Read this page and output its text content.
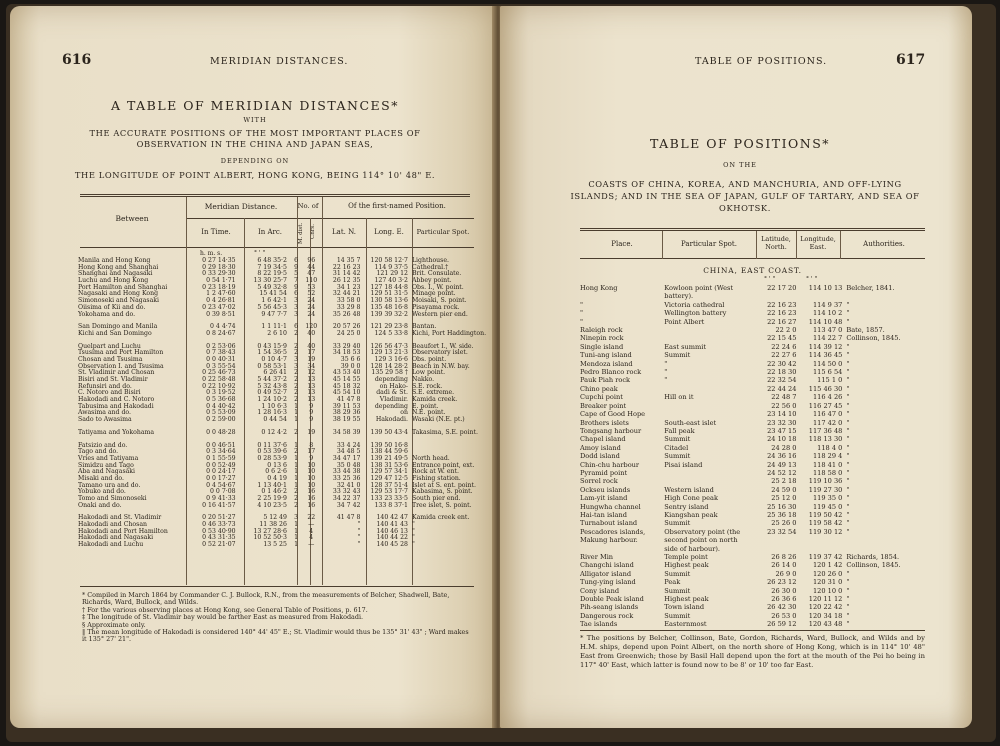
616	MERIDIAN DISTANCES.
A TABLE OF MERIDIAN DISTANCES*
WITH
THE ACCURATE POSITIONS OF THE MOST IMPORTANT PLACES OF OBSERVATION IN THE CHINA AND JAPAN SEAS,
DEPENDING ON
THE LONGITUDE OF POINT ALBERT, HONG KONG, BEING 114° 10' 48" E.
Between
Meridian Distance.	No. of	Of the first-named Position.
In Time.	In Arc.	M. dist.	Chrs.	Lat. N.	Long. E.	Particular Spot.
h. m. s.	° ' "
Manila and Hong Kong	0 27 14·35	6 48 35·2	6	96	14 35 7	120 58 12·7	Lighthouse.
Hong Kong and Shanghai	0 29 18·30	7 19 34·5	9	44	22 16 23	114 9 37·5	Cathedral.†
Shanghai and Nagasaki	0 33 29·30	8 22 19·5	5	47	31 14 42	121 29 12	Brit. Consulate.
Luchu and Hong Kong	0 54 1·71	13 30 25·7	7	110	26 12 35	127 40 3·2	Abbey point.
Port Hamilton and Shanghai	0 23 18·19	5 49 32·8	9	53	34 1 23	127 18 44·8	Obs. I., W. point.
Nagasaki and Hong Kong	1 2 47·60	15 41 54	6	52	32 44 21	129 51 31·5	Minage point.
Simonoseki and Nagasaki	0 4 26·81	1 6 42·1	3	24	33 58 0	130 58 13·6	Moisaki, S. point.
Oiisima of Kii and do.	0 23 47·02	5 56 45·3	3	24	33 29 8	135 48 16·8	Pisayama rock.
Yokohama and do.	0 39 8·51	9 47 7·7	3	24	35 26 48	139 39 32·2	Western pier end.

San Domingo and Manila	0 4 4·74	1 1 11·1	6	120	20 57 26	121 29 23·8	Bantan.
Kichi and San Domingo	0 8 24·67	2 6 10	2	40	24 25 0	124 5 33·8	Kichi, Port Haddington.

Quelpart and Luchu	0 2 53·06	0 43 15·9	2	40	33 29 40	126 56 47·3	Beaufort I., W. side.
Tsusima and Port Hamilton	0 7 38·43	1 54 36·5	2	17	34 18 53	129 13 21·3	Observatory islet.
Chosan and Tsusima	0 0 40·31	0 10 4·7	3	19	35 6 6	129 3 16·6	Obs. point.
Observation I. and Tsusima	0 3 55·54	0 58 53·1	3	34	39 0 0	128 14 28·2	Beach in N.W. bay.
St. Vladimir and Chosan	0 25 46·73	6 26 41	2	12	43 53 40	135 29 58 †	Low point.
Bisiri and St. Vladimir	0 22 58·48	5 44 37·2	2	13	45 14 55	depending	Nakko.
Refunsiri and do.	0 22 10·92	5 32 43·8	2	13	45 18 32	on Hako-	S.E. rock.
C. Notoro and Bisiri	0 3 19·52	0 49 52·7	2	13	45 54 10	dadi & St.	S.E. extreme.
Hakodadi and C. Notoro	0 5 36·68	1 24 10·2	2	13	41 47 8	Vladimir.	Kamida creek.
Tabusima and Hakodadi	0 4 40·42	1 10 6·3	1	9	39 11 53	depending	E. point.
Awasima and do.	0 5 53·09	1 28 16·3	1	9	38 29 36	on	N.E. point.
Sado to Awasima	0 2 59·00	0 44 54	1	9	38 19 55	Hakodadi.	Wasaki (N.E. pt.)

Tatiyama and Yokohama	0 0 48·28	0 12 4·2	2	19	34 58 39	139 50 43·4	Takasima, S.E. point.

Fatsizio and do.	0 0 46·51	0 11 37·6	1	8	33 4 24	139 50 16·8	
Tago and do.	0 3 34·64	0 53 39·6	2	17	34 48 5	138 44 59·6	
Vries and Tatiyama	0 1 55·59	0 28 53·9	1	9	34 47 17	139 21 49·5	North head.
Simidzu and Tago	0 0 52·49	0 13 6	1	10	35 0 48	138 31 53·6	Entrance point, ext.
Aba and Nagasaki	0 0 24·17	0 6 2·6	1	10	33 44 38	129 57 34·1	Rock at W. ent.
Misaki and do.	0 0 17·27	0 4 19	1	10	33 25 36	129 47 12·5	Fishing station.
Tamano ura and do.	0 4 54·67	1 13 40·1	1	10	32 41 0	128 37 51·4	Islet at S. ent. point.
Yobuko and do.	0 0 7·08	0 1 46·2	2	16	33 32 43	129 53 17·7	Kabasima, S. point.
Tomo and Simonoseki	0 9 41·33	2 25 19·9	2	16	34 22 37	133 23 33·5	South pier end.
Onaki and do.	0 16 41·57	4 10 23·5	2	16	34 7 42	133 8 37·1	Tree islet, S. point.

Hakodadi and St. Vladimir	0 20 51·27	5 12 49	3	22	41 47 8	140 42 47	Kamida creek ent.
Hakodadi and Chosan	0 46 33·73	11 38 26	1	—	"	140 41 43	"
Hakodadi and Port Hamilton	0 53 40·90	13 27 28·6	1	4	"	140 46 13	"
Hakodadi and Nagasaki	0 43 31·35	10 52 50·3	1	4	"	140 44 22	"
Hakodadi and Luchu	0 52 21·07	13 5 25	1	—	"	140 45 28	"
* Compiled in March 1864 by Commander C. J. Bullock, R.N., from the measurements of Belcher, Shadwell, Bate, Richards, Ward, Bullock, and Wilds.
† For the various observing places at Hong Kong, see General Table of Positions, p. 617.
‡ The longitude of St. Vladimir bay would be farther East as measured from Hakodadi.
§ Approximate only.
‖ The mean longitude of Hakodadi is considered 140° 44' 45" E.; St. Vladimir would thus be 135° 31' 43" ; Ward makes it 135° 27' 21".
TABLE OF POSITIONS.	617
TABLE OF POSITIONS*
ON THE
COASTS OF CHINA, KOREA, AND MANCHURIA, AND OFF-LYING ISLANDS; AND IN THE SEA OF JAPAN, GULF OF TARTARY, AND SEA OF OKHOTSK.
Place.	Particular Spot.
Latitude, North.
Longitude, East.	Authorities.
CHINA, EAST COAST.
° ' "	° ' "
Hong Kong	Kowloon point (West	22 17 20	114 10 13	Belcher, 1841.
	battery).			
"	Victoria cathedral	22 16 23	114 9 37	"
"	Wellington battery	22 16 23	114 10 2	"
"	Point Albert	22 16 27	114 10 48	"
Raleigh rock		22 2 0	113 47 0	Bate, 1857.
Ninepin rock		22 15 45	114 22 7	Collinson, 1845.
Single island	East summit	22 24 6	114 39 12	"
Tuni-ang island	Summit	22 27 6	114 36 45	"
Mendoza island	"	22 30 42	114 50 0	"
Pedro Blanco rock	"	22 18 30	115 6 54	"
Pauk Piah rock	"	22 32 54	115 1 0	"
Chino peak		22 44 24	115 46 30	"
Cupchi point	Hill on it	22 48 7	116 4 26	"
Breaker point		22 56 0	116 27 45	"
Cape of Good Hope		23 14 10	116 47 0	"
Brothers islets	South-east islet	23 32 30	117 42 0	"
Tongsang harbour	Fall peak	23 47 15	117 36 48	"
Chapel island	Summit	24 10 18	118 13 30	"
Amoy island	Citadel	24 28 0	118 4 0	"
Dodd island	Summit	24 36 16	118 29 4	"
Chin-chu harbour	Pisai island	24 49 13	118 41 0	"
Pyramid point		24 52 12	118 58 0	"
Sorrel rock		25 2 18	119 10 36	"
Ockseu islands	Western island	24 59 0	119 27 30	"
Lam-yit island	High Cone peak	25 12 0	119 35 0	"
Hungwha channel	Sentry island	25 16 30	119 45 0	"
Hai-tan island	Kiangshan peak	25 36 18	119 50 42	"
Turnabout island	Summit	25 26 0	119 58 42	"
Pescadores islands,	Observatory point (the	23 32 54	119 30 12	"
Makung harbour.	second point on north			
	side of harbour).			
River Min	Temple point	26 8 26	119 37 42	Richards, 1854.
Changchi island	Highest peak	26 14 0	120 1 42	Collinson, 1845.
Alligator island	Summit	26 9 0	120 26 0	"
Tung-ying island	Peak	26 23 12	120 31 0	"
Cony island	Summit	26 30 0	120 10 0	"
Double Peak island	Highest peak	26 36 6	120 11 12	"
Pih-seang islands	Town island	26 42 30	120 22 42	"
Dangerous rock	Summit	26 53 0	120 34 18	"
Tae islands	Easternmost	26 59 12	120 43 48	"
* The positions by Belcher, Collinson, Bate, Gordon, Richards, Ward, Bullock, and Wilds and by H.M. ships, depend upon Point Albert, on the north shore of Hong Kong, which is in 114° 10' 48" East from Greenwich; those by Basil Hall depend upon the fort at the mouth of the Pei ho being in 117° 40' East, which latter is found now to be 8' or 10' too far East.
